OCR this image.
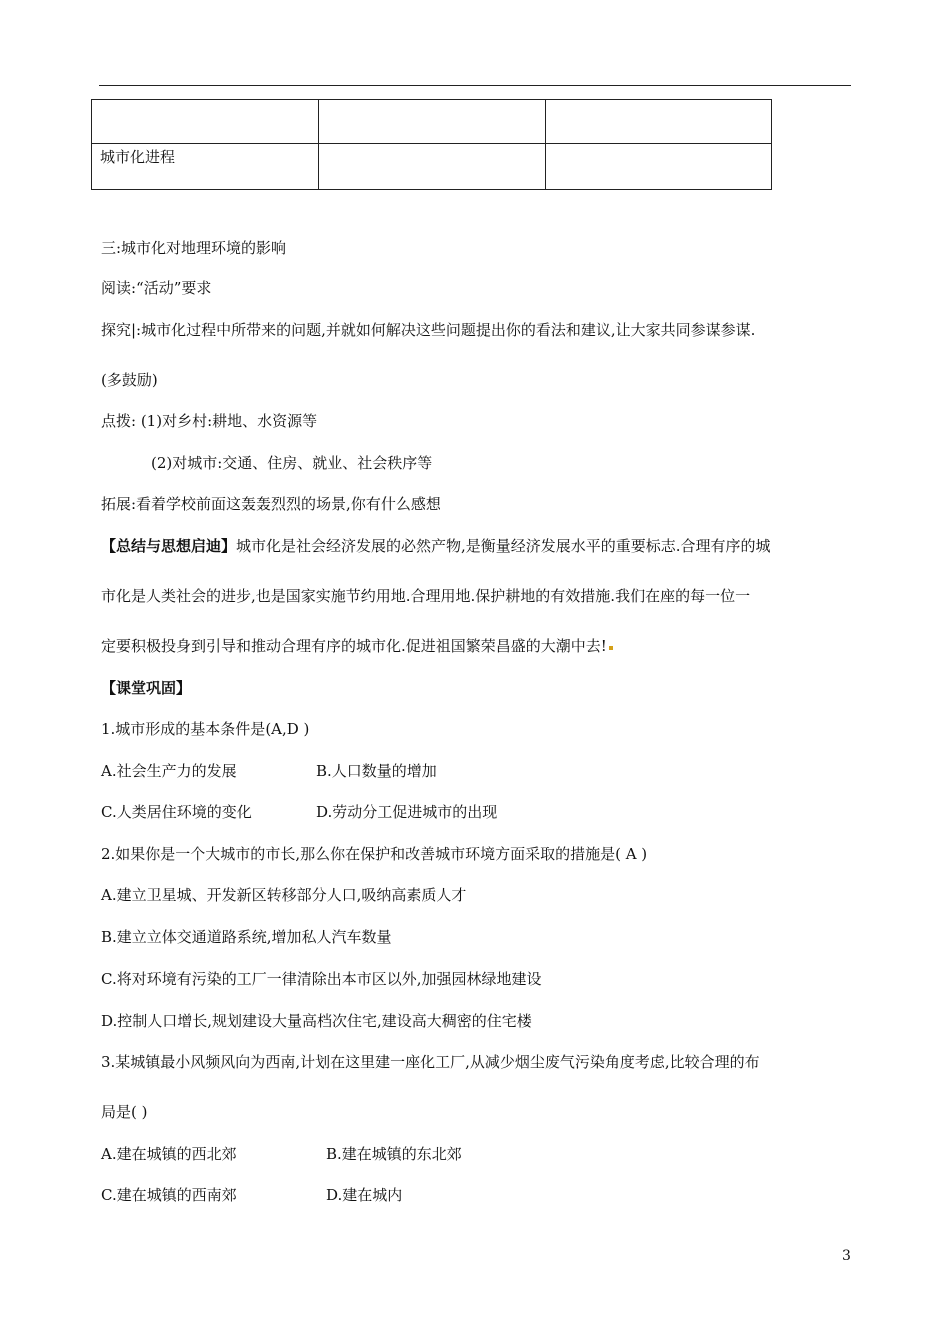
城市化进程		
三:城市化对地理环境的影响
阅读:“活动”要求
探究|:城市化过程中所带来的问题,并就如何解决这些问题提出你的看法和建议,让大家共同参谋参谋.
(多鼓励)
点拨: (1)对乡村:耕地、水资源等
(2)对城市:交通、住房、就业、社会秩序等
拓展:看着学校前面这轰轰烈烈的场景,你有什么感想
【总结与思想启迪】城市化是社会经济发展的必然产物,是衡量经济发展水平的重要标志.合理有序的城
市化是人类社会的进步,也是国家实施节约用地.合理用地.保护耕地的有效措施.我们在座的每一位一
定要积极投身到引导和推动合理有序的城市化.促进祖国繁荣昌盛的大潮中去!
【课堂巩固】
1.城市形成的基本条件是(A,D )
A.社会生产力的发展	B.人口数量的增加
C.人类居住环境的变化	D.劳动分工促进城市的出现
2.如果你是一个大城市的市长,那么你在保护和改善城市环境方面采取的措施是( A )
A.建立卫星城、开发新区转移部分人口,吸纳高素质人才
B.建立立体交通道路系统,增加私人汽车数量
C.将对环境有污染的工厂一律清除出本市区以外,加强园林绿地建设
D.控制人口增长,规划建设大量高档次住宅,建设高大稠密的住宅楼
3.某城镇最小风频风向为西南,计划在这里建一座化工厂,从减少烟尘废气污染角度考虑,比较合理的布
局是( )
A.建在城镇的西北郊	B.建在城镇的东北郊
C.建在城镇的西南郊	D.建在城内
3
